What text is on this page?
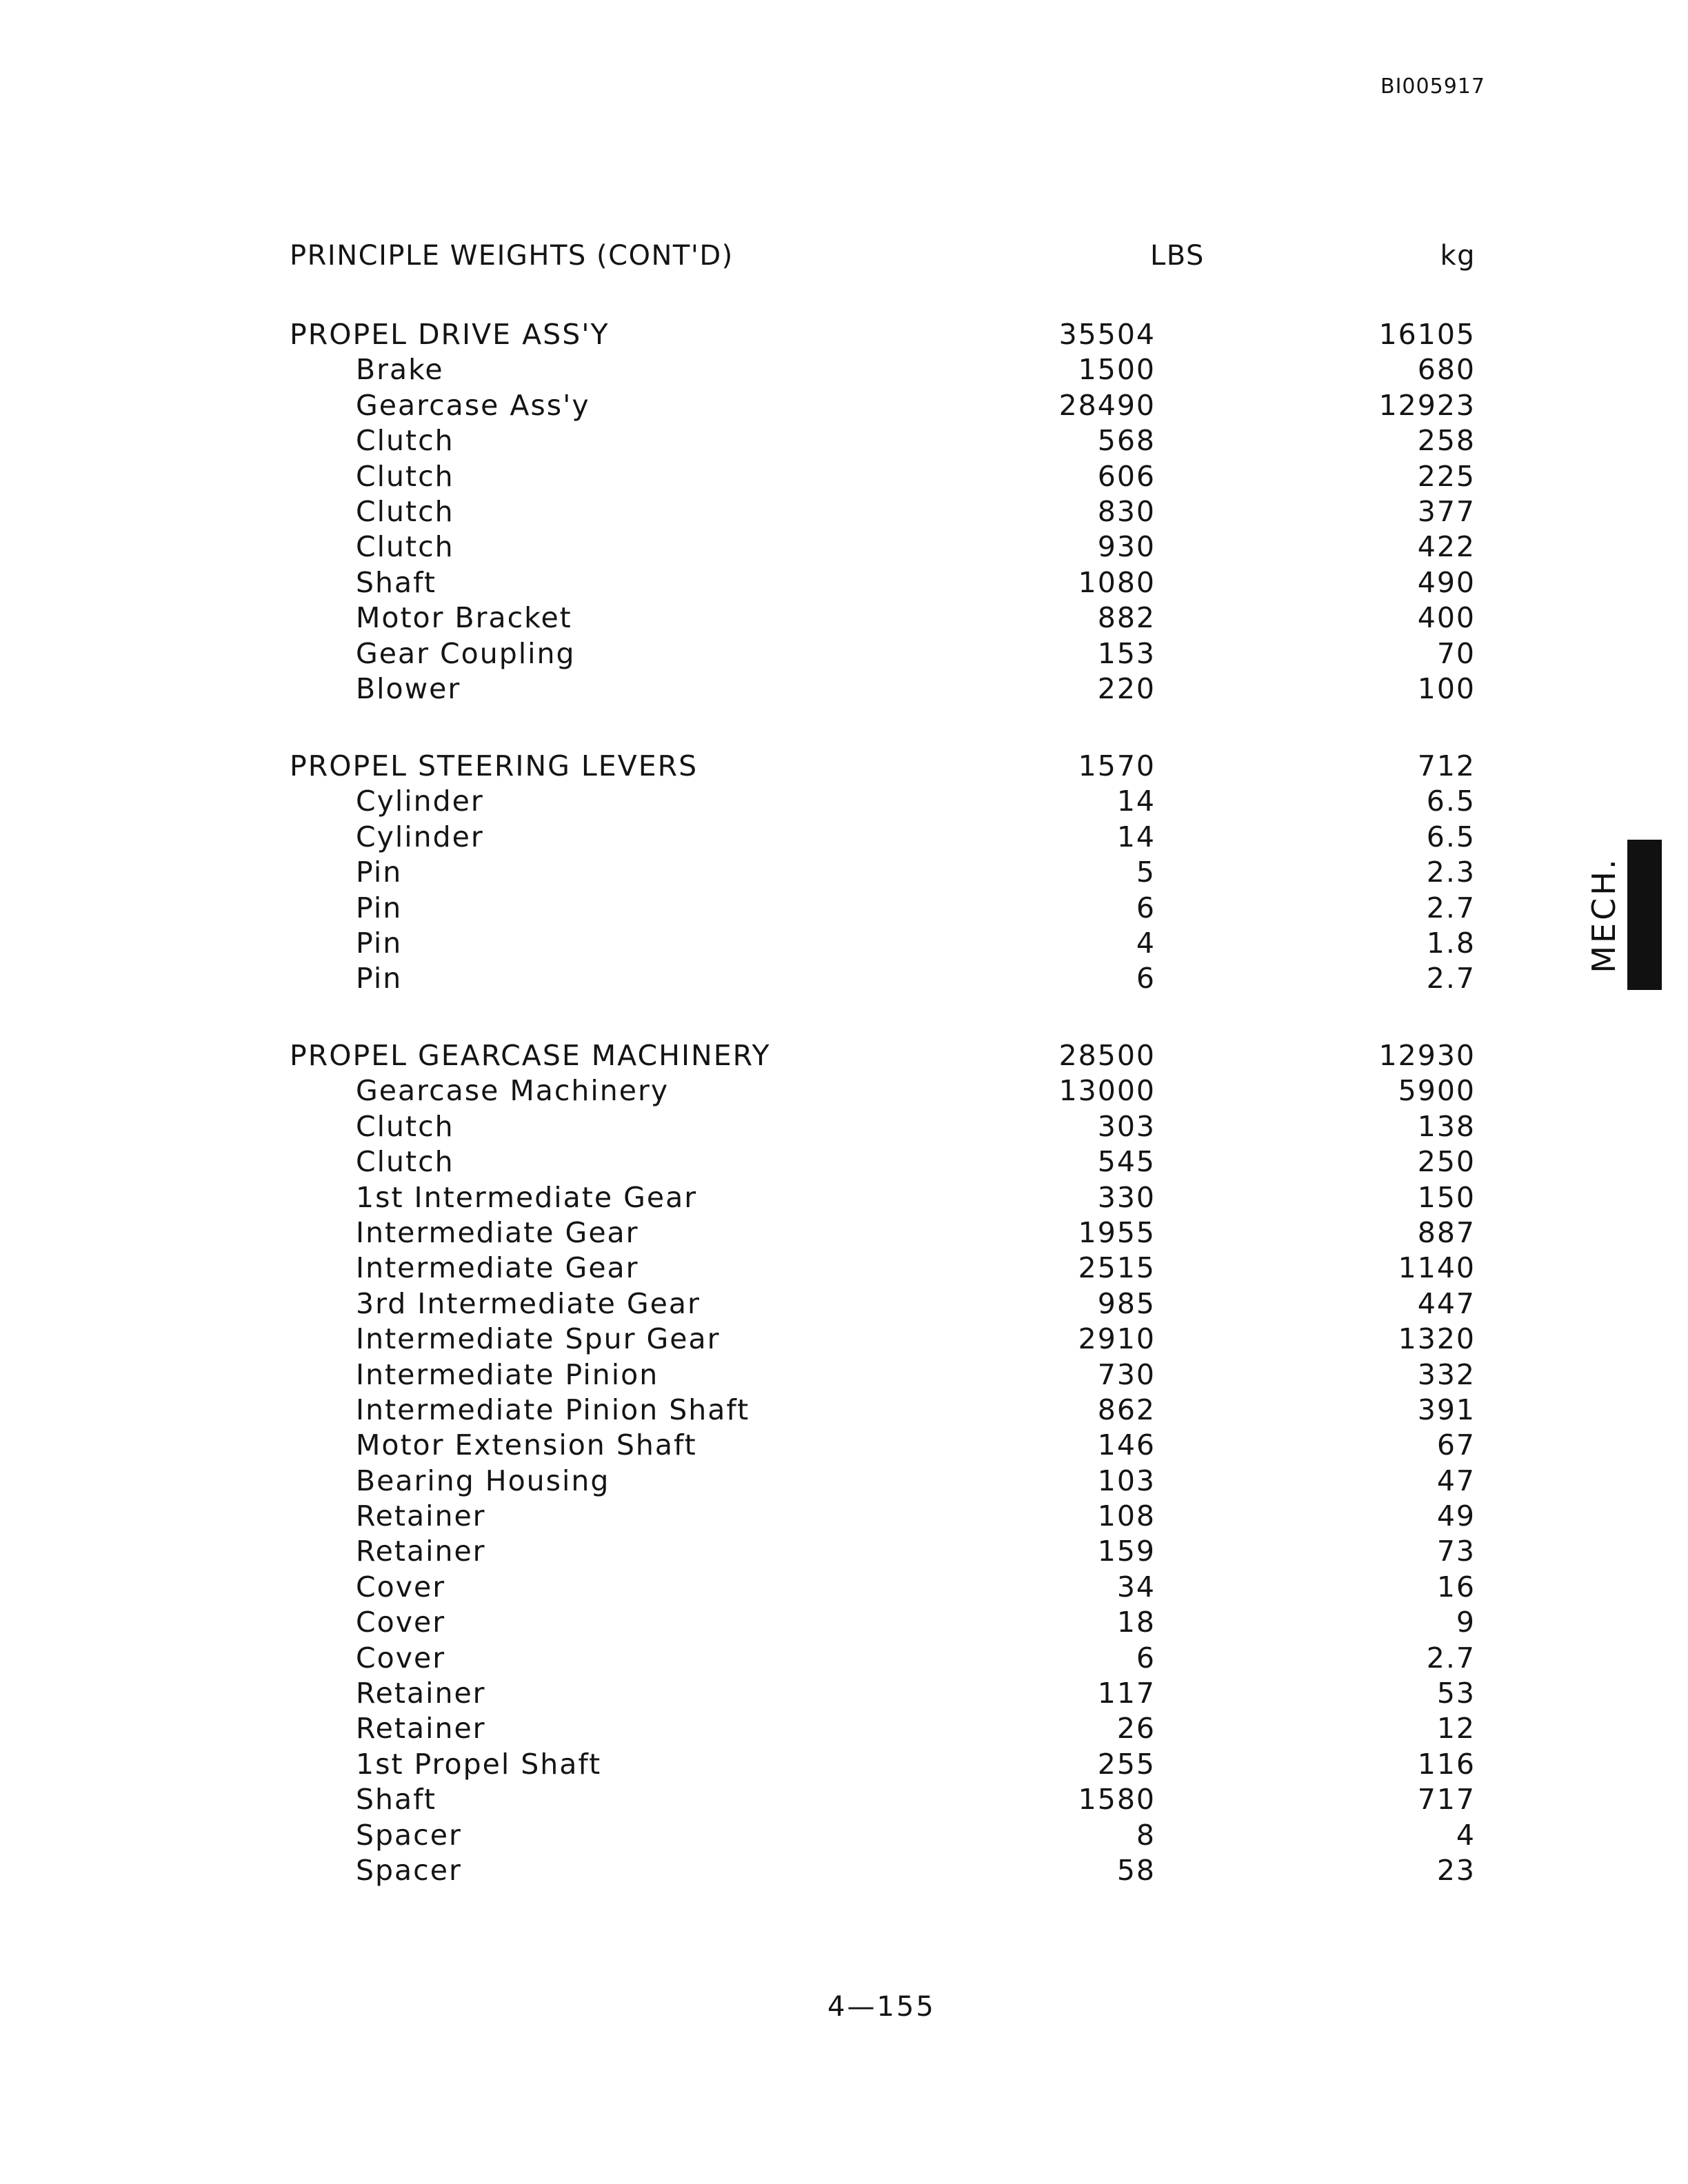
BI005917
PRINCIPLE WEIGHTS (CONT'D)	LBS	kg
PROPEL DRIVE ASS'Y	35504	16105
Brake	1500	680
Gearcase Ass'y	28490	12923
Clutch	568	258
Clutch	606	225
Clutch	830	377
Clutch	930	422
Shaft	1080	490
Motor Bracket	882	400
Gear Coupling	153	70
Blower	220	100
PROPEL STEERING LEVERS	1570	712
Cylinder	14	6.5
Cylinder	14	6.5
Pin	5	2.3
Pin	6	2.7
Pin	4	1.8
Pin	6	2.7
PROPEL GEARCASE MACHINERY	28500	12930
Gearcase Machinery	13000	5900
Clutch	303	138
Clutch	545	250
1st Intermediate Gear	330	150
Intermediate Gear	1955	887
Intermediate Gear	2515	1140
3rd Intermediate Gear	985	447
Intermediate Spur Gear	2910	1320
Intermediate Pinion	730	332
Intermediate Pinion Shaft	862	391
Motor Extension Shaft	146	67
Bearing Housing	103	47
Retainer	108	49
Retainer	159	73
Cover	34	16
Cover	18	9
Cover	6	2.7
Retainer	117	53
Retainer	26	12
1st Propel Shaft	255	116
Shaft	1580	717
Spacer	8	4
Spacer	58	23
MECH.
4—155
